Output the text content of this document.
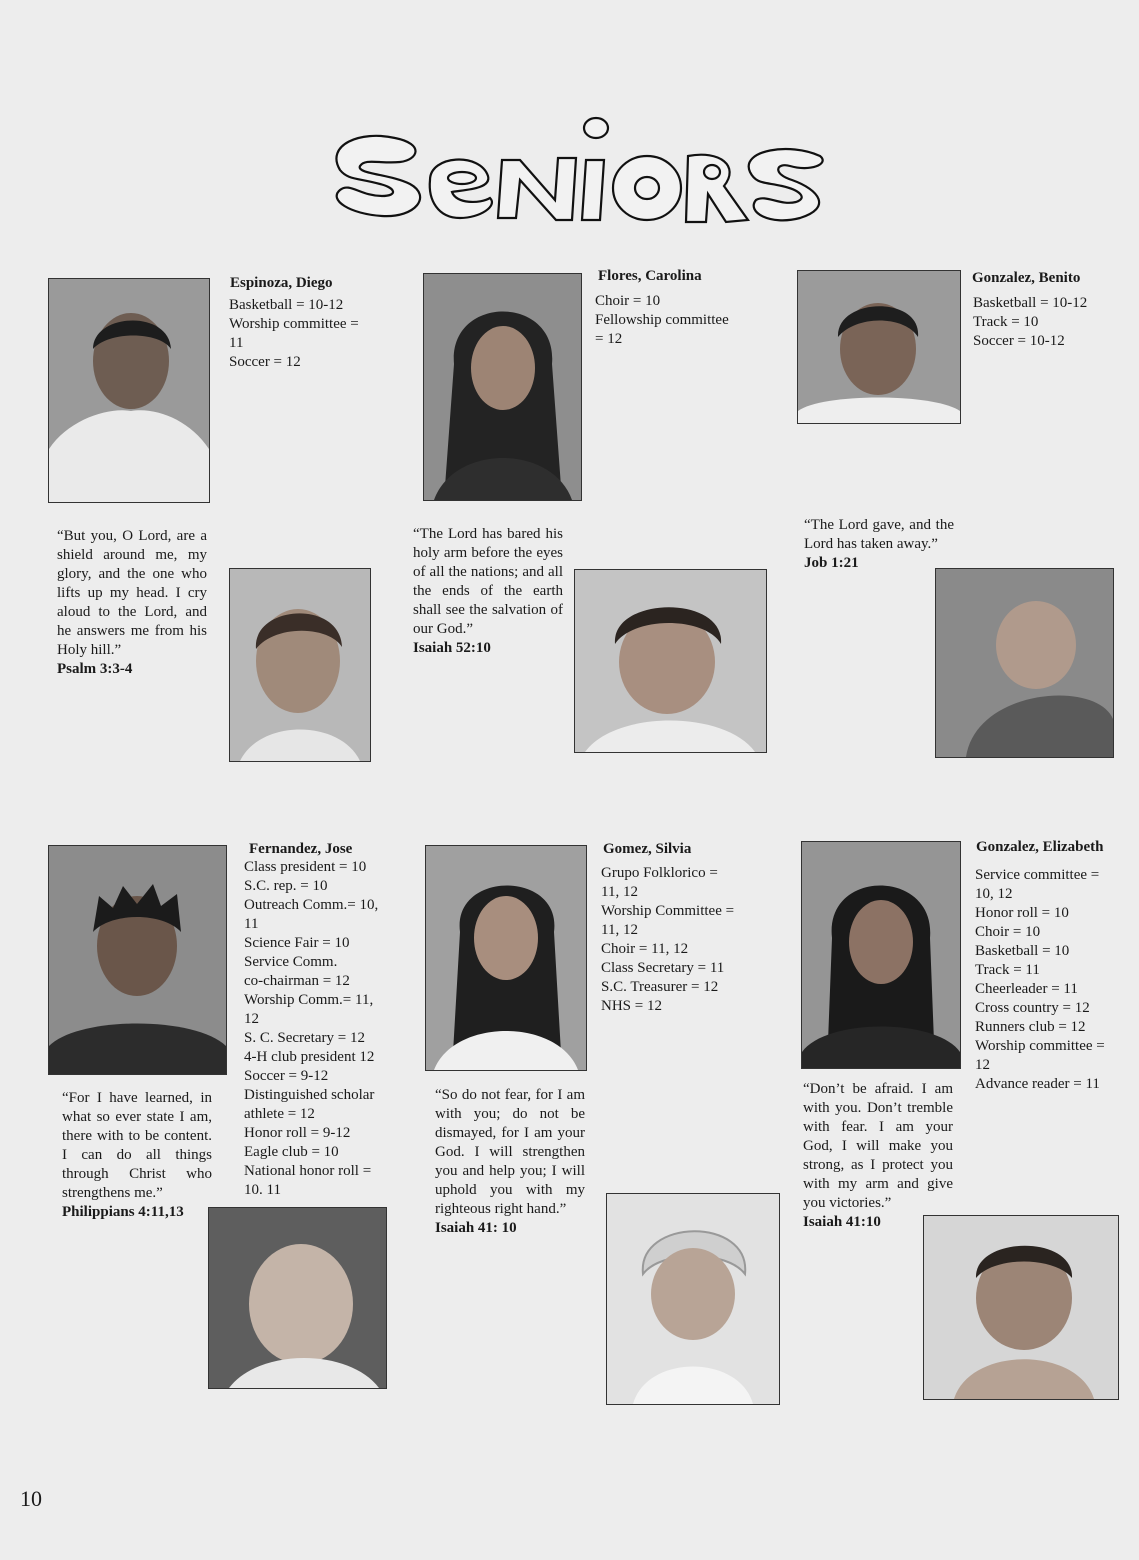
Espinoza, Diego
Basketball = 10-12
Worship committee =
11
Soccer = 12
“But you, O Lord, are a shield around me, my glory, and the one who lifts up my head. I cry aloud to the Lord, and he answers me from his Holy hill.”
Psalm 3:3-4
Flores, Carolina
Choir = 10
Fellowship committee
= 12
“The Lord has bared his holy arm before the eyes of all the nations; and all the ends of the earth shall see the salvation of our God.”
Isaiah 52:10
Gonzalez, Benito
Basketball = 10-12
Track = 10
Soccer = 10-12
“The Lord gave, and the Lord has taken away.”
Job 1:21
Fernandez, Jose
Class president = 10
S.C. rep. = 10
Outreach Comm.= 10,
11
Science Fair = 10
Service Comm.
co-chairman = 12
Worship Comm.= 11,
12
S. C. Secretary = 12
4-H club president 12
Soccer = 9-12
Distinguished scholar
athlete = 12
Honor roll = 9-12
Eagle club = 10
National honor roll =
10. 11
“For I have learned, in what so ever state I am, there with to be content. I can do all things through Christ who strengthens me.”
Philippians 4:11,13
Gomez, Silvia
Grupo Folklorico =
11, 12
Worship Committee =
11, 12
Choir = 11, 12
Class Secretary = 11
S.C. Treasurer = 12
NHS = 12
“So do not fear, for I am with you; do not be dismayed, for I am your God. I will strengthen you and help you; I will uphold you with my righteous right hand.”
Isaiah 41: 10
Gonzalez, Elizabeth
Service committee =
10, 12
Honor roll = 10
Choir = 10
Basketball = 10
Track = 11
Cheerleader = 11
Cross country = 12
Runners club = 12
Worship committee =
12
Advance reader = 11
“Don’t be afraid. I am with you. Don’t tremble with fear. I am your God, I will make you strong, as I protect you with my arm and give you victories.”
Isaiah 41:10
10
